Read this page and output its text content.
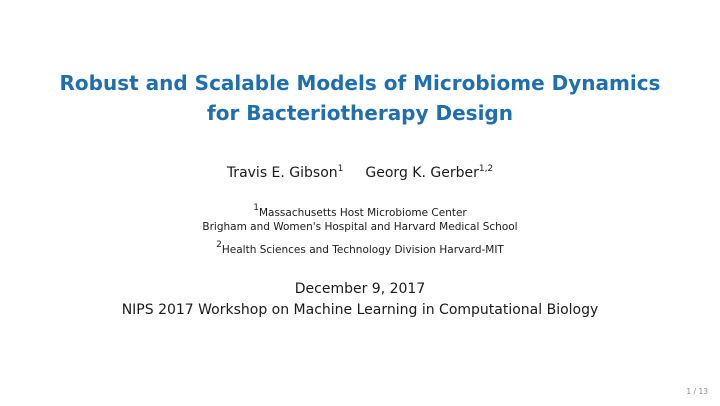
Robust and Scalable Models of Microbiome Dynamics
for Bacteriotherapy Design
Travis E. Gibson$^1$ Georg K. Gerber$^{1,2}$
$^1$Massachusetts Host Microbiome Center
Brigham and Women's Hospital and Harvard Medical School
$^2$Health Sciences and Technology Division Harvard-MIT
December 9, 2017
NIPS 2017 Workshop on Machine Learning in Computational Biology
1 / 13
